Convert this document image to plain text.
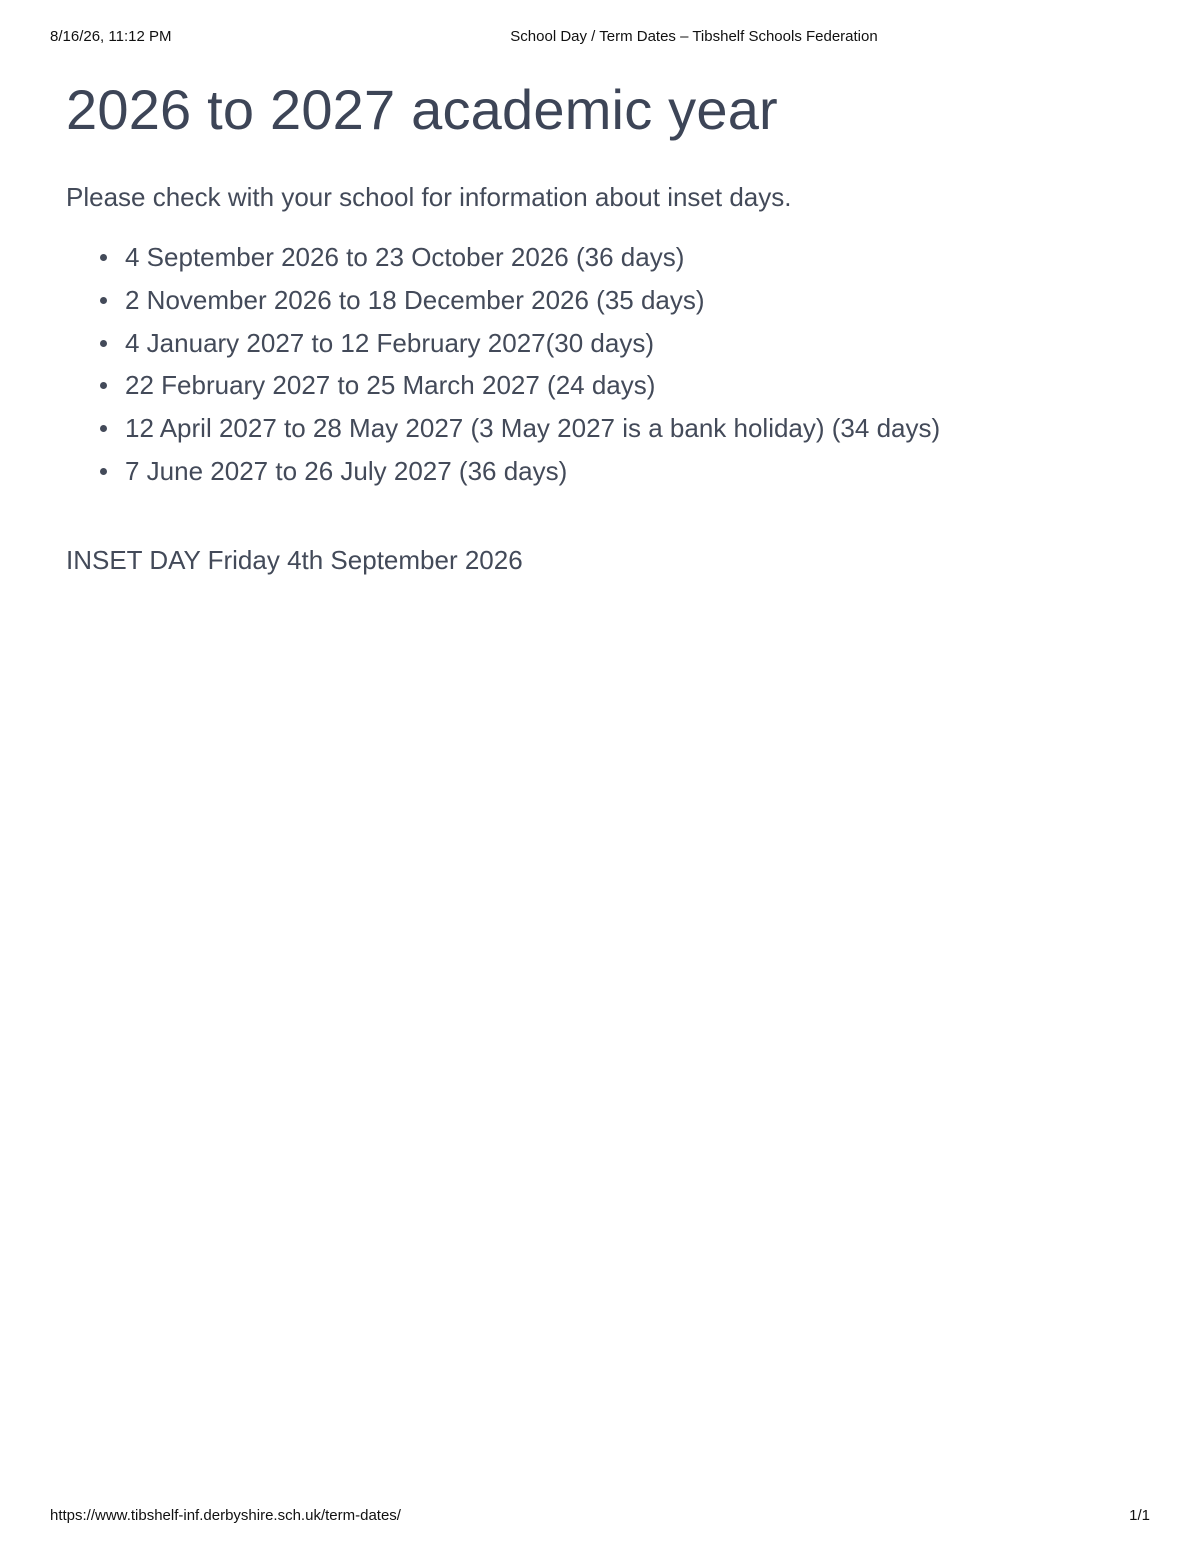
8/16/26, 11:12 PM	School Day / Term Dates – Tibshelf Schools Federation
2026 to 2027 academic year

Please check with your school for information about inset days.

4 September 2026 to 23 October 2026 (36 days)
2 November 2026 to 18 December 2026 (35 days)
4 January 2027 to 12 February 2027(30 days)
22 February 2027 to 25 March 2027 (24 days)
12 April 2027 to 28 May 2027 (3 May 2027 is a bank holiday) (34 days)
7 June 2027 to 26 July 2027 (36 days)

INSET DAY Friday 4th September 2026

https://www.tibshelf-inf.derbyshire.sch.uk/term-dates/	1/1
